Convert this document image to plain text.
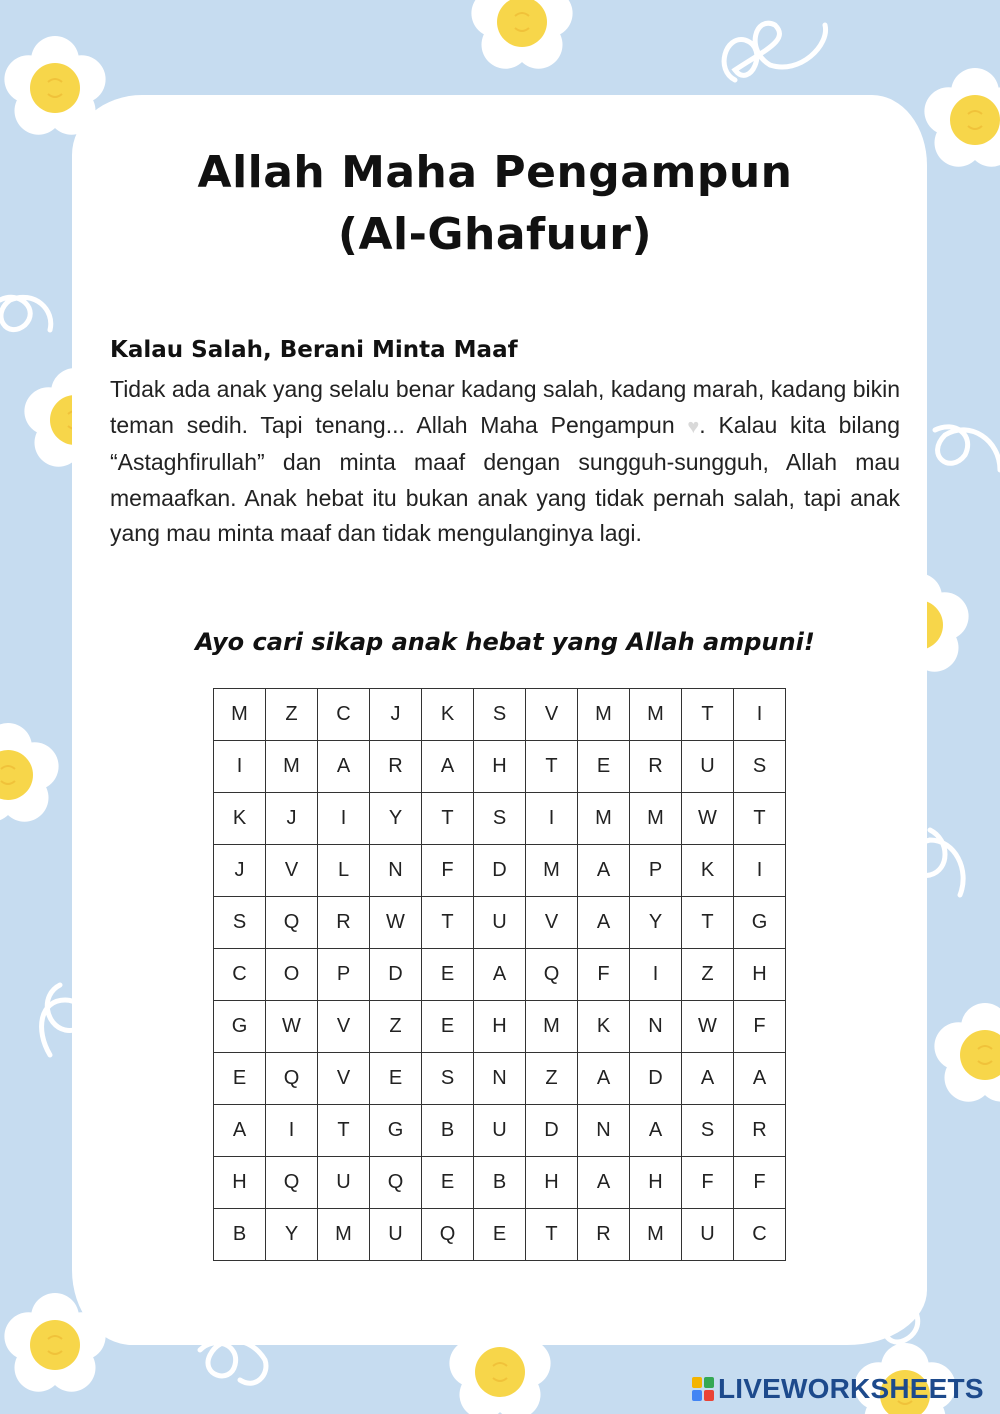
Allah Maha Pengampun
(Al-Ghafuur)
Kalau Salah, Berani Minta Maaf

Tidak ada anak yang selalu benar kadang salah, kadang marah, kadang bikin teman sedih. Tapi tenang... Allah Maha Pengampun ♥. Kalau kita bilang “Astaghfirullah” dan minta maaf dengan sungguh-sungguh, Allah mau memaafkan. Anak hebat itu bukan anak yang tidak pernah salah, tapi anak yang mau minta maaf dan tidak mengulanginya lagi.

Ayo cari sikap anak hebat yang Allah ampuni!
M	Z	C	J	K	S	V	M	M	T	I
I	M	A	R	A	H	T	E	R	U	S
K	J	I	Y	T	S	I	M	M	W	T
J	V	L	N	F	D	M	A	P	K	I
S	Q	R	W	T	U	V	A	Y	T	G
C	O	P	D	E	A	Q	F	I	Z	H
G	W	V	Z	E	H	M	K	N	W	F
E	Q	V	E	S	N	Z	A	D	A	A
A	I	T	G	B	U	D	N	A	S	R
H	Q	U	Q	E	B	H	A	H	F	F
B	Y	M	U	Q	E	T	R	M	U	C
LIVEWORKSHEETS
